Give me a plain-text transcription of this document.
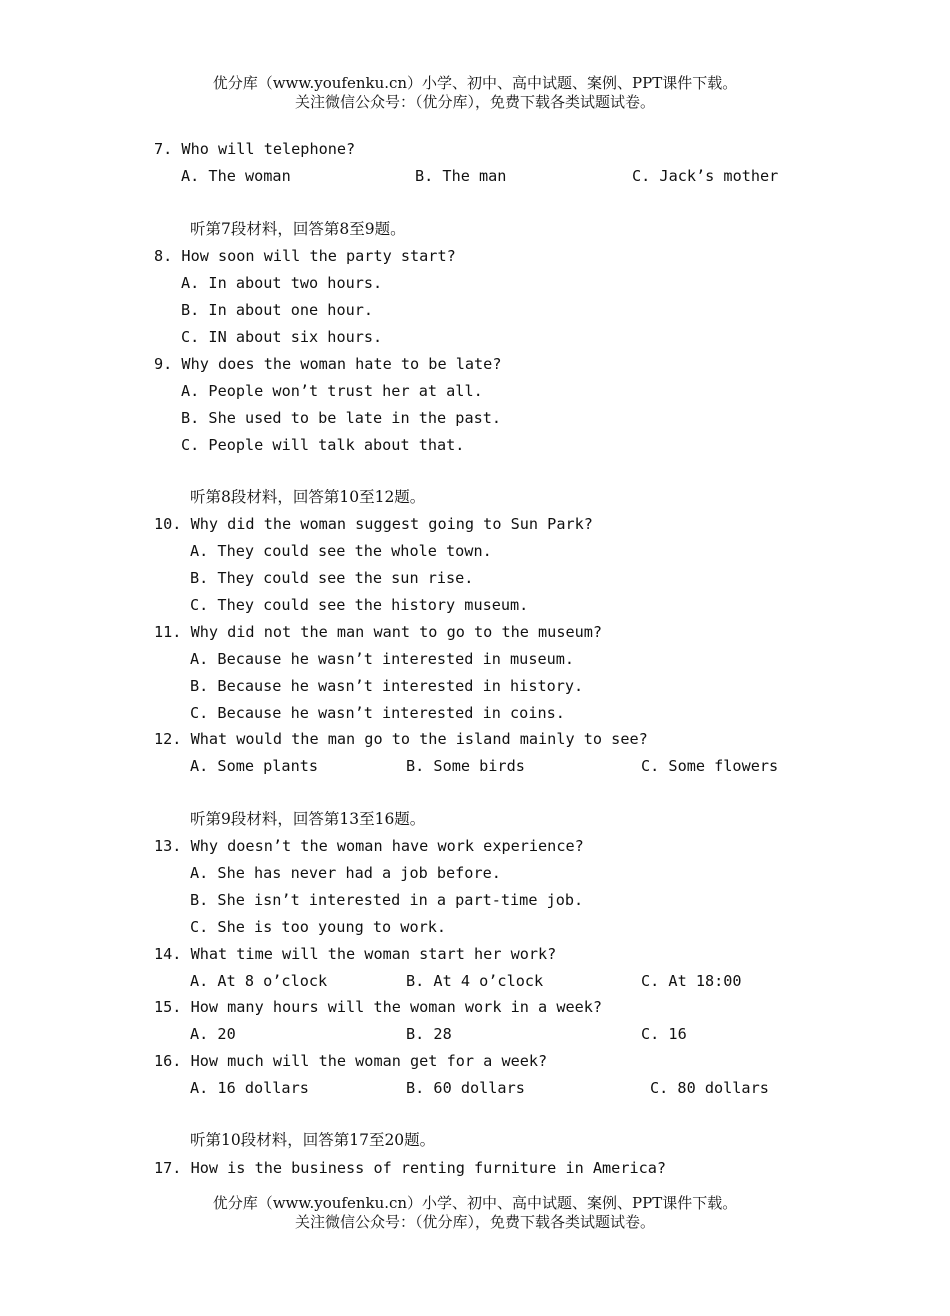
优分库（www.youfenku.cn）小学、初中、高中试题、案例、PPT课件下载。
关注微信公众号：（优分库），免费下载各类试题试卷。
7. Who will telephone?
A. The woman	B. The man	C. Jack’s mother
听第7段材料，回答第8至9题。
8. How soon will the party start?
A. In about two hours.
B. In about one hour.
C. IN about six hours.
9. Why does the woman hate to be late?
A. People won’t trust her at all.
B. She used to be late in the past.
C. People will talk about that.
听第8段材料，回答第10至12题。
10. Why did the woman suggest going to Sun Park?
A. They could see the whole town.
B. They could see the sun rise.
C. They could see the history museum.
11. Why did not the man want to go to the museum?
A. Because he wasn’t interested in museum.
B. Because he wasn’t interested in history.
C. Because he wasn’t interested in coins.
12. What would the man go to the island mainly to see?
A. Some plants	B. Some birds	C. Some flowers
听第9段材料，回答第13至16题。
13. Why doesn’t the woman have work experience?
A. She has never had a job before.
B. She isn’t interested in a part-time job.
C. She is too young to work.
14. What time will the woman start her work?
A. At 8 o’clock	B. At 4 o’clock	C. At 18:00
15. How many hours will the woman work in a week?
A. 20	B. 28	C. 16
16. How much will the woman get for a week?
A. 16 dollars	B. 60 dollars	C. 80 dollars
听第10段材料，回答第17至20题。
17. How is the business of renting furniture in America?
优分库（www.youfenku.cn）小学、初中、高中试题、案例、PPT课件下载。
关注微信公众号：（优分库），免费下载各类试题试卷。
